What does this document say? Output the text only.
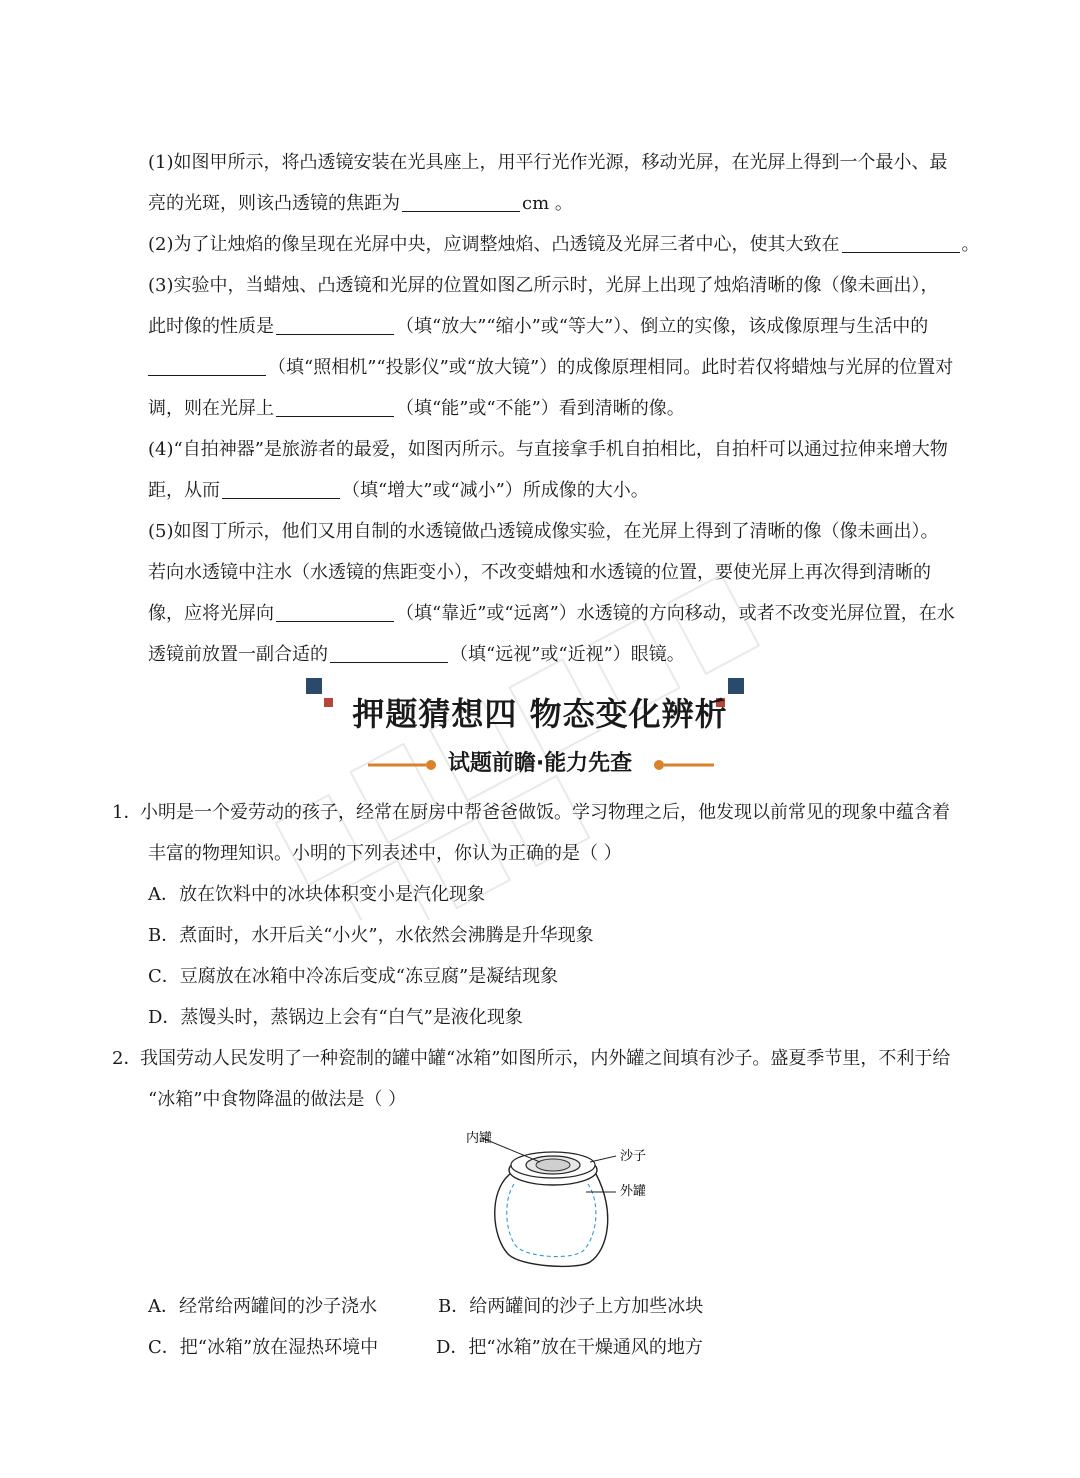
(1)如图甲所示，将凸透镜安装在光具座上，用平行光作光源，移动光屏，在光屏上得到一个最小、最
亮的光斑，则该凸透镜的焦距为	cm 。
(2)为了让烛焰的像呈现在光屏中央，应调整烛焰、凸透镜及光屏三者中心，使其大致在	。
(3)实验中，当蜡烛、凸透镜和光屏的位置如图乙所示时，光屏上出现了烛焰清晰的像（像未画出），
此时像的性质是	（填“放大”“缩小”或“等大”）、倒立的实像，该成像原理与生活中的
（填“照相机”“投影仪”或“放大镜”）的成像原理相同。此时若仅将蜡烛与光屏的位置对
调，则在光屏上	（填“能”或“不能”）看到清晰的像。
(4)“自拍神器”是旅游者的最爱，如图丙所示。与直接拿手机自拍相比，自拍杆可以通过拉伸来增大物
距，从而	（填“增大”或“减小”）所成像的大小。
(5)如图丁所示，他们又用自制的水透镜做凸透镜成像实验，在光屏上得到了清晰的像（像未画出）。
若向水透镜中注水（水透镜的焦距变小），不改变蜡烛和水透镜的位置，要使光屏上再次得到清晰的
像，应将光屏向	（填“靠近”或“远离”）水透镜的方向移动，或者不改变光屏位置，在水
透镜前放置一副合适的	（填“远视”或“近视”）眼镜。
押题猜想四 物态变化辨析
试题前瞻·能力先查
1．
小明是一个爱劳动的孩子，经常在厨房中帮爸爸做饭。学习物理之后，他发现以前常见的现象中蕴含着
丰富的物理知识。小明的下列表述中，你认为正确的是（ ）
A．放在饮料中的冰块体积变小是汽化现象
B．煮面时，水开后关“小火”，水依然会沸腾是升华现象
C．豆腐放在冰箱中冷冻后变成“冻豆腐”是凝结现象
D．蒸馒头时，蒸锅边上会有“白气”是液化现象
2．
我国劳动人民发明了一种瓷制的罐中罐“冰箱”如图所示，内外罐之间填有沙子。盛夏季节里，不利于给
“冰箱”中食物降温的做法是（ ）
内罐
沙子
外罐
A．经常给两罐间的沙子浇水	B．给两罐间的沙子上方加些冰块
C．把“冰箱”放在湿热环境中	D．把“冰箱”放在干燥通风的地方
